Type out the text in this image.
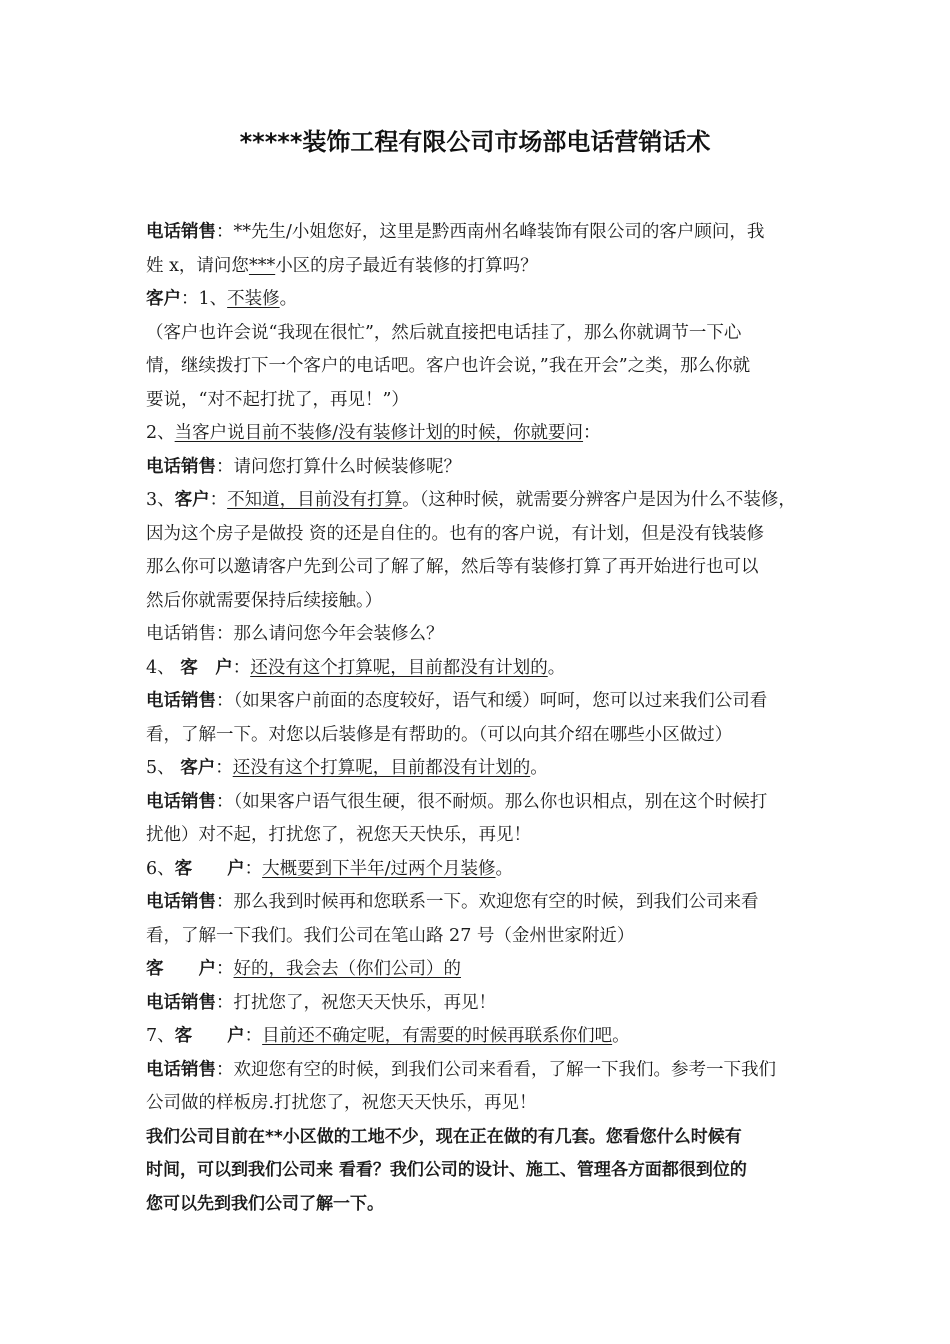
*****装饰工程有限公司市场部电话营销话术
电话销售：**先生/小姐您好，这里是黔西南州名峰装饰有限公司的客户顾问，我
姓 x，请问您***小区的房子最近有装修的打算吗？
客户：1、不装修。
（客户也许会说“我现在很忙”，然后就直接把电话挂了，那么你就调节一下心
情，继续拨打下一个客户的电话吧。客户也许会说，”我在开会”之类，那么你就
要说，“对不起打扰了，再见！”）
2、当客户说目前不装修/没有装修计划的时候，你就要问：
电话销售：请问您打算什么时候装修呢？
3、客户：不知道，目前没有打算。（这种时候，就需要分辨客户是因为什么不装修，
因为这个房子是做投 资的还是自住的。也有的客户说，有计划，但是没有钱装修
那么你可以邀请客户先到公司了解了解，然后等有装修打算了再开始进行也可以
然后你就需要保持后续接触。）
电话销售：那么请问您今年会装修么？
4、 客　户：还没有这个打算呢，目前都没有计划的。
电话销售：（如果客户前面的态度较好，语气和缓）呵呵，您可以过来我们公司看
看，了解一下。对您以后装修是有帮助的。（可以向其介绍在哪些小区做过）
5、 客户：还没有这个打算呢，目前都没有计划的。
电话销售：（如果客户语气很生硬，很不耐烦。那么你也识相点，别在这个时候打
扰他）对不起，打扰您了，祝您天天快乐，再见！
6、客　　户：大概要到下半年/过两个月装修。
电话销售：那么我到时候再和您联系一下。欢迎您有空的时候，到我们公司来看
看，了解一下我们。我们公司在笔山路 27 号（金州世家附近）
客　　户：好的，我会去（你们公司）的
电话销售：打扰您了，祝您天天快乐，再见！
7、客　　户：目前还不确定呢，有需要的时候再联系你们吧。
电话销售：欢迎您有空的时候，到我们公司来看看，了解一下我们。参考一下我们
公司做的样板房.打扰您了，祝您天天快乐，再见！
我们公司目前在**小区做的工地不少，现在正在做的有几套。您看您什么时候有
时间，可以到我们公司来 看看？我们公司的设计、施工、管理各方面都很到位的
您可以先到我们公司了解一下。
